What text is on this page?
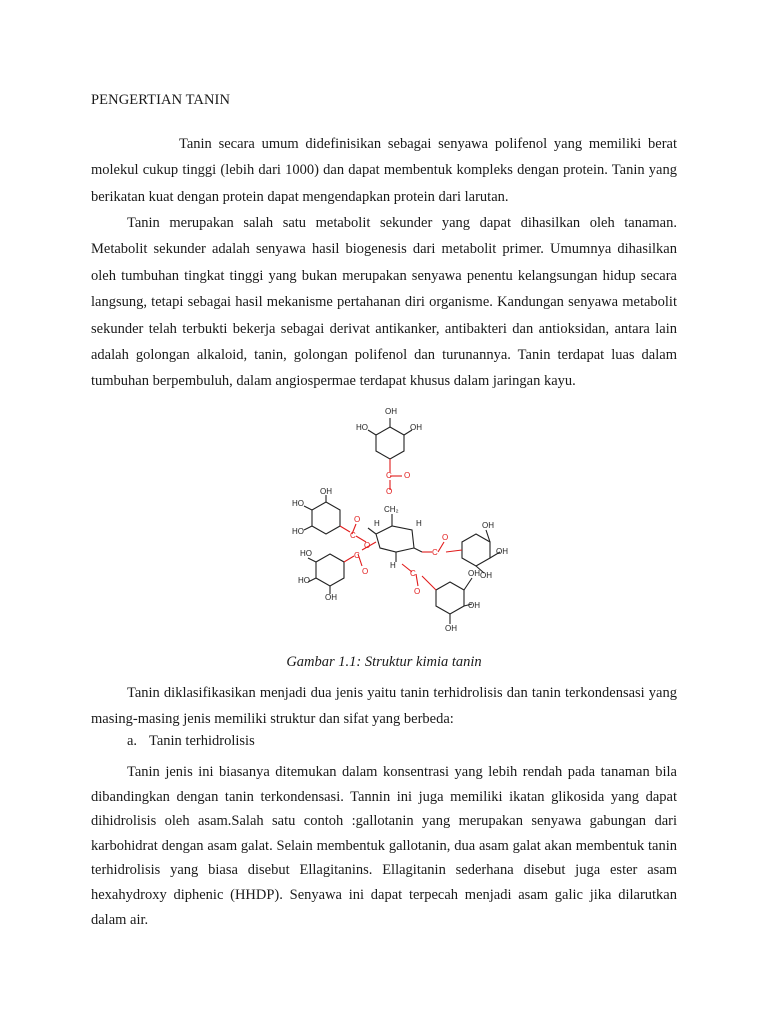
PENGERTIAN TANIN

Tanin secara umum didefinisikan sebagai senyawa polifenol yang memiliki berat molekul cukup tinggi (lebih dari 1000) dan dapat membentuk kompleks dengan protein. Tanin yang berikatan kuat dengan protein dapat mengendapkan protein dari larutan.

Tanin merupakan salah satu metabolit sekunder yang dapat dihasilkan oleh tanaman. Metabolit sekunder adalah senyawa hasil biogenesis dari metabolit primer. Umumnya dihasilkan oleh tumbuhan tingkat tinggi yang bukan merupakan senyawa penentu kelangsungan hidup secara langsung, tetapi sebagai hasil mekanisme pertahanan diri organisme. Kandungan senyawa metabolit sekunder telah terbukti bekerja sebagai derivat antikanker, antibakteri dan antioksidan, antara lain adalah golongan alkaloid, tanin, golongan polifenol dan turunannya. Tanin terdapat luas dalam tumbuhan berpembuluh, dalam angiospermae terdapat khusus dalam jaringan kayu.

OH
HO	OH
OH
HO
HO
HO
HO
OH
CH₂
H	H
H
OH
OH
OH
OH
OH
OH
C O
O
C
O
O
C
O
C
O
C
O
Gambar 1.1: Struktur kimia tanin

Tanin diklasifikasikan menjadi dua jenis yaitu tanin terhidrolisis dan tanin terkondensasi yang masing-masing jenis memiliki struktur dan sifat yang berbeda:

a. Tanin terhidrolisis

Tanin jenis ini biasanya ditemukan dalam konsentrasi yang lebih rendah pada tanaman bila dibandingkan dengan tanin terkondensasi. Tannin ini juga memiliki ikatan glikosida yang dapat dihidrolisis oleh asam.Salah satu contoh :gallotanin yang merupakan senyawa gabungan dari karbohidrat dengan asam galat. Selain membentuk gallotanin, dua asam galat akan membentuk tanin terhidrolisis yang biasa disebut Ellagitanins. Ellagitanin sederhana disebut juga ester asam hexahydroxy diphenic (HHDP). Senyawa ini dapat terpecah menjadi asam galic jika dilarutkan dalam air.
